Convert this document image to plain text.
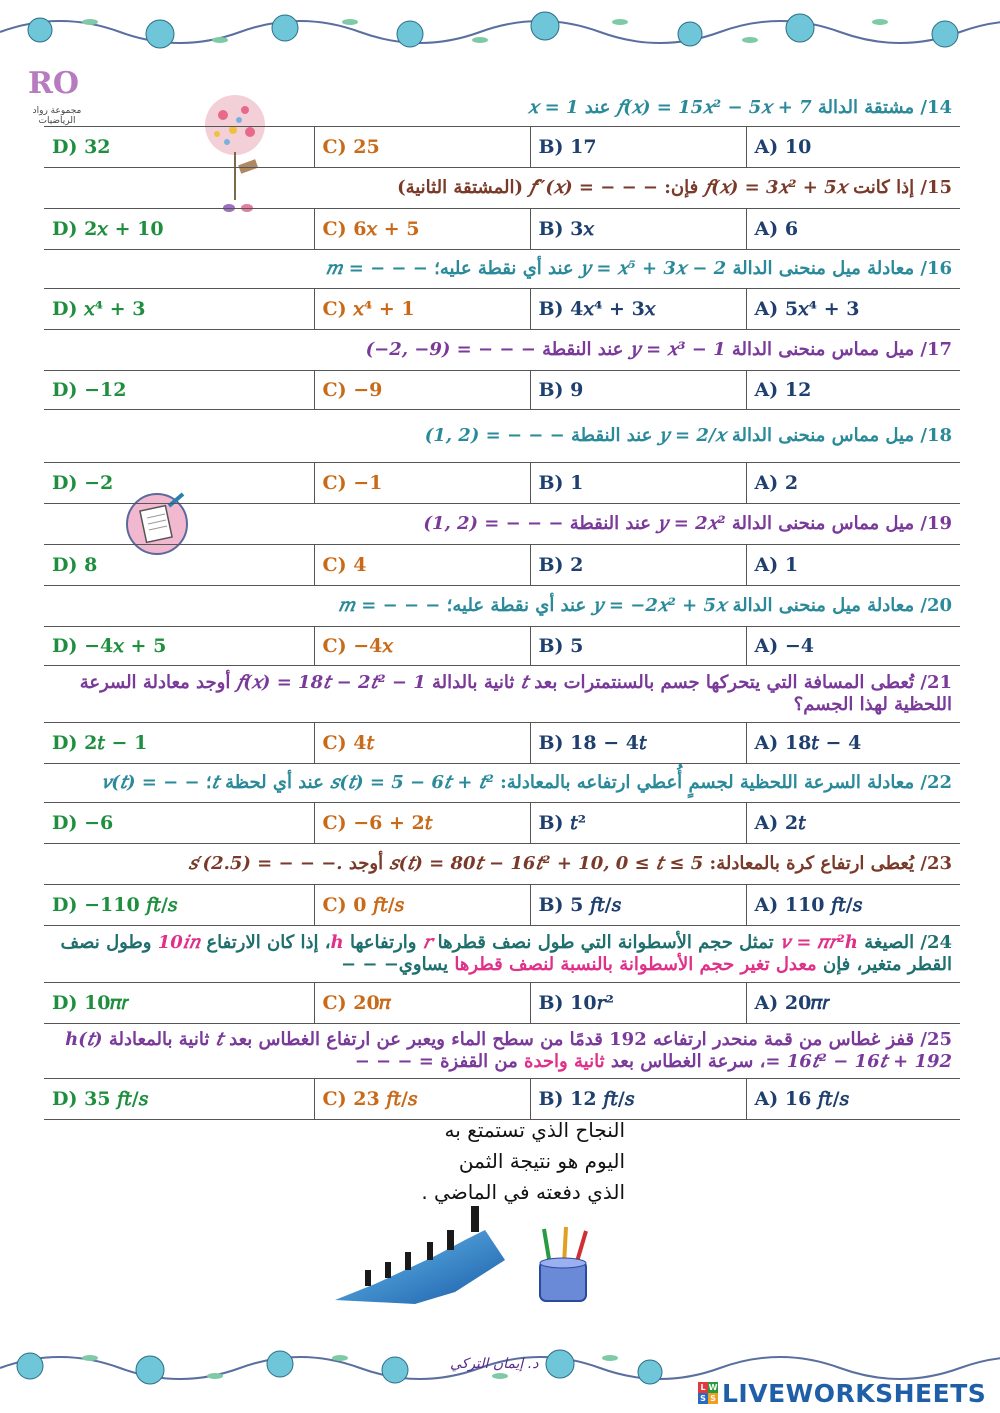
RO
مجموعة رواد الرياضيات
14/ مشتقة الدالة 𝑓(𝑥) = 15𝑥² − 5𝑥 + 7 عند 𝑥 = 1			

D) 32	C) 25	B) 17	A) 10

15/ إذا كانت 𝑓(𝑥) = 3𝑥² + 5𝑥 فإن: 𝑓′′(𝑥) = − − − (المشتقة الثانية)			

D) 2𝑥 + 10	C) 6𝑥 + 5	B) 3𝑥	A) 6

16/ معادلة ميل منحنى الدالة 𝑦 = 𝑥⁵ + 3𝑥 − 2 عند أي نقطة عليه؛ 𝑚 = − − −			

D) 𝑥⁴ + 3	C) 𝑥⁴ + 1	B) 4𝑥⁴ + 3𝑥	A) 5𝑥⁴ + 3

17/ ميل مماس منحنى الدالة 𝑦 = 𝑥³ − 1 عند النقطة (−2, −9) = − − −			

D) −12	C) −9	B) 9	A) 12

18/ ميل مماس منحنى الدالة 𝑦 = 2/𝑥 عند النقطة (1, 2) = − − −			

D) −2	C) −1	B) 1	A) 2

19/ ميل مماس منحنى الدالة 𝑦 = 2𝑥² عند النقطة (1, 2) = − − −			

D) 8	C) 4	B) 2	A) 1

20/ معادلة ميل منحنى الدالة 𝑦 = −2𝑥² + 5𝑥 عند أي نقطة عليه؛ 𝑚 = − − −			

D) −4𝑥 + 5	C) −4𝑥	B) 5	A) −4

21/ تُعطى المسافة التي يتحركها جسم بالسنتمترات بعد 𝑡 ثانية بالدالة 𝑓(𝑥) = 18𝑡 − 2𝑡² − 1 أوجد معادلة السرعة اللحظية لهذا الجسم؟			

D) 2𝑡 − 1	C) 4𝑡	B) 18 − 4𝑡	A) 18𝑡 − 4

22/ معادلة السرعة اللحظية لجسمٍ أُعطي ارتفاعه بالمعادلة: 𝑠(𝑡) = 5 − 6𝑡 + 𝑡² عند أي لحظة 𝑡؛ 𝑣(𝑡) = − −			

D) −6	C) −6 + 2𝑡	B) 𝑡²	A) 2𝑡

23/ يُعطى ارتفاع كرة بالمعادلة: 𝑠(𝑡) = 80𝑡 − 16𝑡² + 10, 0 ≤ 𝑡 ≤ 5 أوجد 𝑠′(2.5) = − − −.			

D) −110 𝑓𝑡/𝑠	C) 0 𝑓𝑡/𝑠	B) 5 𝑓𝑡/𝑠	A) 110 𝑓𝑡/𝑠

24/ الصيغة 𝑣 = 𝜋𝑟²ℎ تمثل حجم الأسطوانة التي طول نصف قطرها 𝑟 وارتفاعها ℎ، إذا كان الارتفاع 10𝑖𝑛 وطول نصف القطر متغير، فإن معدل تغير حجم الأسطوانة بالنسبة لنصف قطرها يساوي− − −			

D) 10𝜋𝑟	C) 20𝜋	B) 10𝑟²	A) 20𝜋𝑟

25/ قفز غطاس من قمة منحدر ارتفاعه 192 قدمًا من سطح الماء ويعبر عن ارتفاع الغطاس بعد 𝑡 ثانية بالمعادلة ℎ(𝑡) = 16𝑡² − 16𝑡 + 192، سرعة الغطاس بعد ثانية واحدة من القفزة = − − −			

D) 35 𝑓𝑡/𝑠	C) 23 𝑓𝑡/𝑠	B) 12 𝑓𝑡/𝑠	A) 16 𝑓𝑡/𝑠
النجاح الذي تستمتع به
اليوم هو نتيجة الثمن
الذي دفعته في الماضي .
د. إيمان التركي
L W
S S LIVEWORKSHEETS
